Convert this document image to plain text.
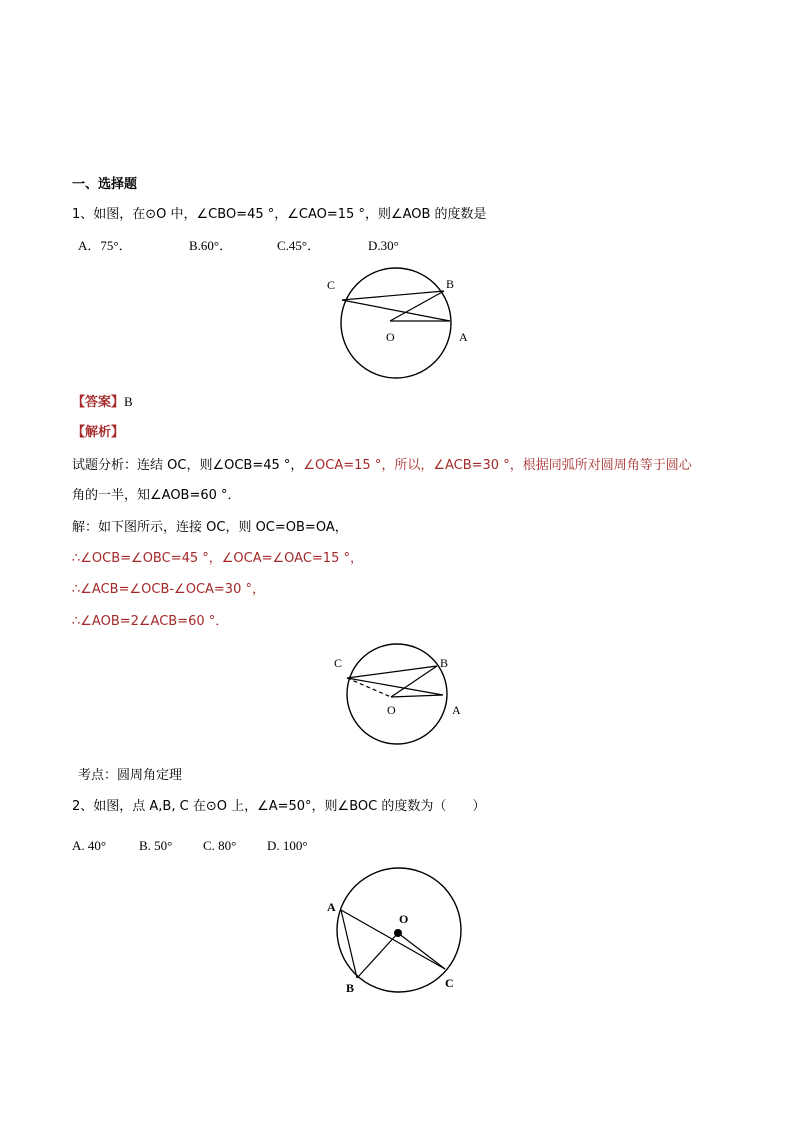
一、选择题
1、如图，在⊙O 中，∠CBO=45 °，∠CAO=15 °，则∠AOB 的度数是
A．75°．	B.60°．	C.45°．	D.30°
C	B
O	A
【答案】B
【解析】
试题分析：连结 OC，则∠OCB=45 °，∠OCA=15 °，所以，∠ACB=30 °，根据同弧所对圆周角等于圆心
角的一半，知∠AOB=60 °．
解：如下图所示，连接 OC，则 OC=OB=OA，
∴∠OCB=∠OBC=45 °，∠OCA=∠OAC=15 °，
∴∠ACB=∠OCB-∠OCA=30 °，
∴∠AOB=2∠ACB=60 °．
C	B
O	A
考点：圆周角定理
2、如图，点 A,B, C 在⊙O 上，∠A=50°，则∠BOC 的度数为（　　）
A. 40°	B. 50° C. 80° D. 100°
A
O
B	C
